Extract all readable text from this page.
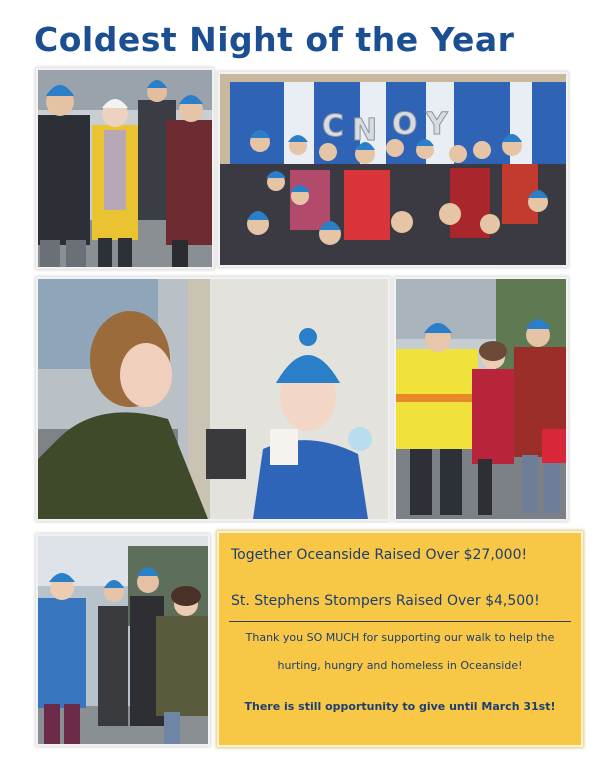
Coldest Night of the Year
C N O Y
Together Oceanside Raised Over $27,000!
St. Stephens Stompers Raised Over $4,500!
Thank you SO MUCH for supporting our walk to help the
hurting, hungry and homeless in Oceanside!
There is still opportunity to give until March 31st!
